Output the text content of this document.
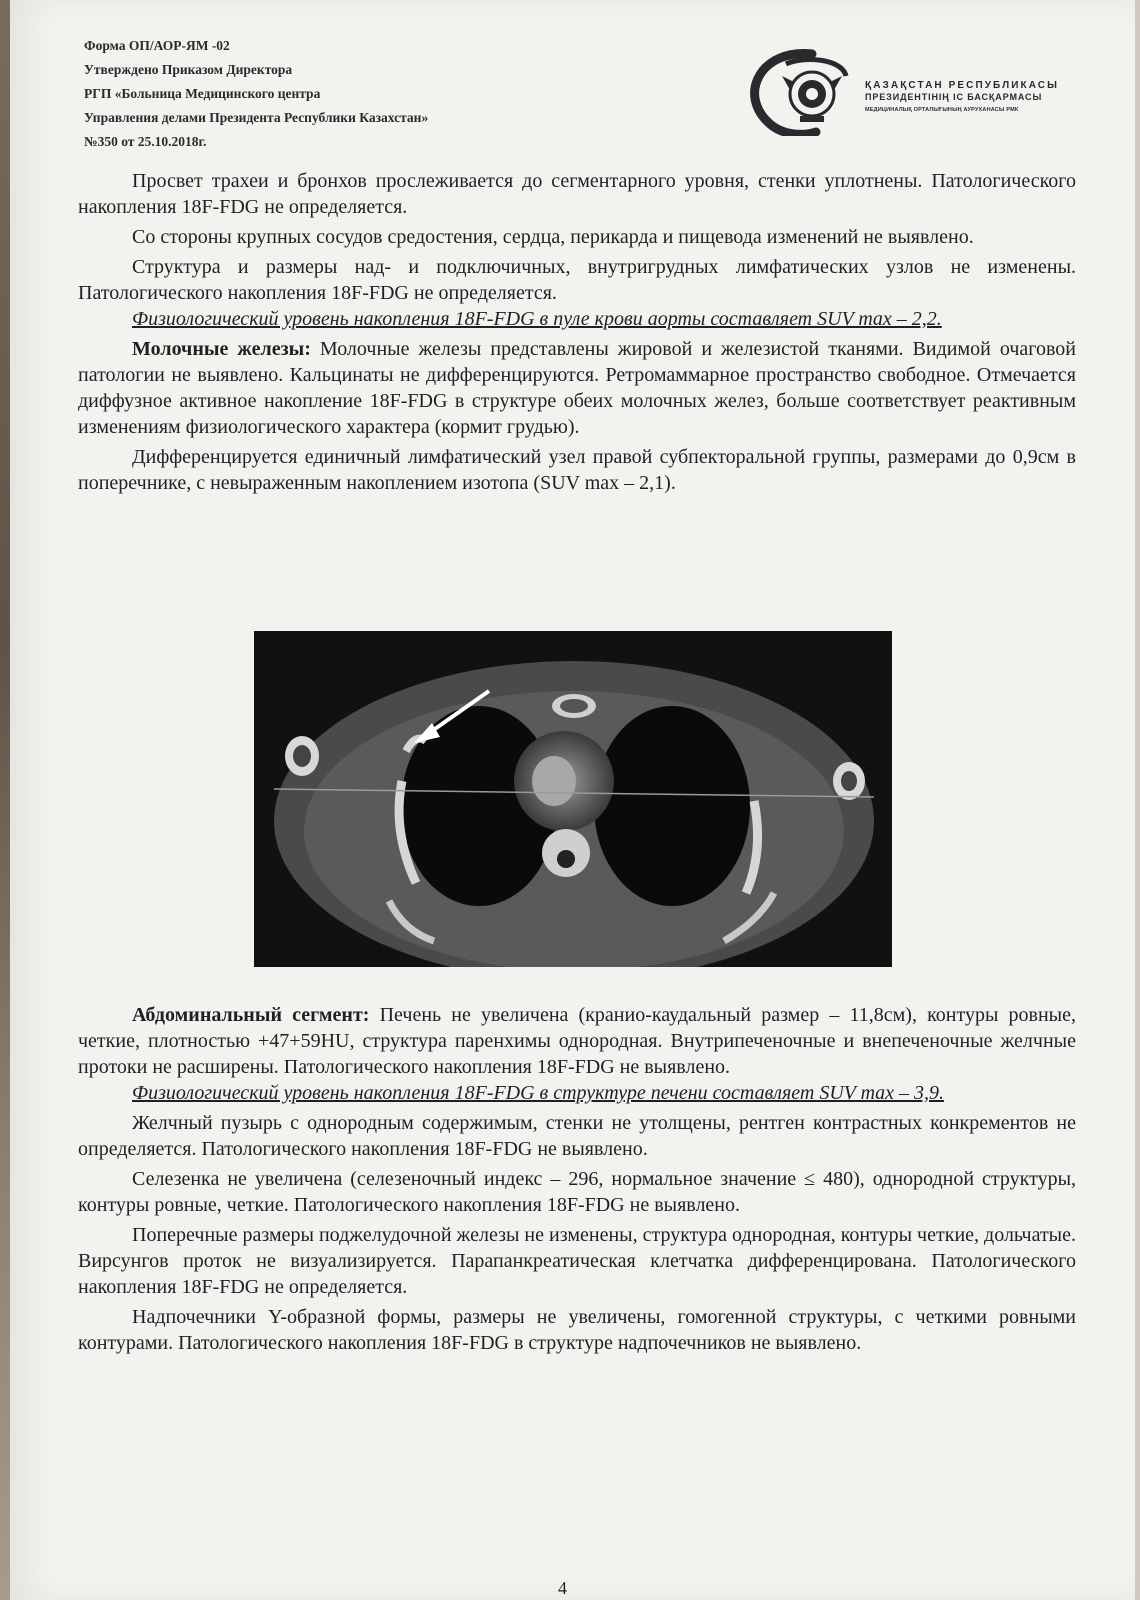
Форма ОП/АОР-ЯМ -02
Утверждено Приказом Директора
РГП «Больница Медицинского центра
Управления делами Президента Республики Казахстан»
№350 от 25.10.2018г.
ҚАЗАҚСТАН РЕСПУБЛИКАСЫ
ПРЕЗИДЕНТІНІҢ ІС БАСҚАРМАСЫ
МЕДИЦИНАЛЫҚ ОРТАЛЫҒЫНЫҢ АУРУХАНАСЫ РМК

Просвет трахеи и бронхов прослеживается до сегментарного уровня, стенки уплотнены. Патологического накопления 18F-FDG не определяется.

Со стороны крупных сосудов средостения, сердца, перикарда и пищевода изменений не выявлено.

Структура и размеры над- и подключичных, внутригрудных лимфатических узлов не изменены. Патологического накопления 18F-FDG не определяется.

Физиологический уровень накопления 18F-FDG в пуле крови аорты составляет SUV max – 2,2.

Молочные железы: Молочные железы представлены жировой и железистой тканями. Видимой очаговой патологии не выявлено. Кальцинаты не дифференцируются. Ретромаммарное пространство свободное. Отмечается диффузное активное накопление 18F-FDG в структуре обеих молочных желез, больше соответствует реактивным изменениям физиологического характера (кормит грудью).

Дифференцируется единичный лимфатический узел правой субпекторальной группы, размерами до 0,9см в поперечнике, с невыраженным накоплением изотопа (SUV max – 2,1).

Абдоминальный сегмент: Печень не увеличена (кранио-каудальный размер – 11,8см), контуры ровные, четкие, плотностью +47+59HU, структура паренхимы однородная. Внутрипеченочные и внепеченочные желчные протоки не расширены. Патологического накопления 18F-FDG не выявлено.

Физиологический уровень накопления 18F-FDG в структуре печени составляет SUV max – 3,9.

Желчный пузырь с однородным содержимым, стенки не утолщены, рентген контрастных конкрементов не определяется. Патологического накопления 18F-FDG не выявлено.

Селезенка не увеличена (селезеночный индекс – 296, нормальное значение ≤ 480), однородной структуры, контуры ровные, четкие. Патологического накопления 18F-FDG не выявлено.

Поперечные размеры поджелудочной железы не изменены, структура однородная, контуры четкие, дольчатые. Вирсунгов проток не визуализируется. Парапанкреатическая клетчатка дифференцирована. Патологического накопления 18F-FDG не определяется.

Надпочечники Y-образной формы, размеры не увеличены, гомогенной структуры, с четкими ровными контурами. Патологического накопления 18F-FDG в структуре надпочечников не выявлено.

4
